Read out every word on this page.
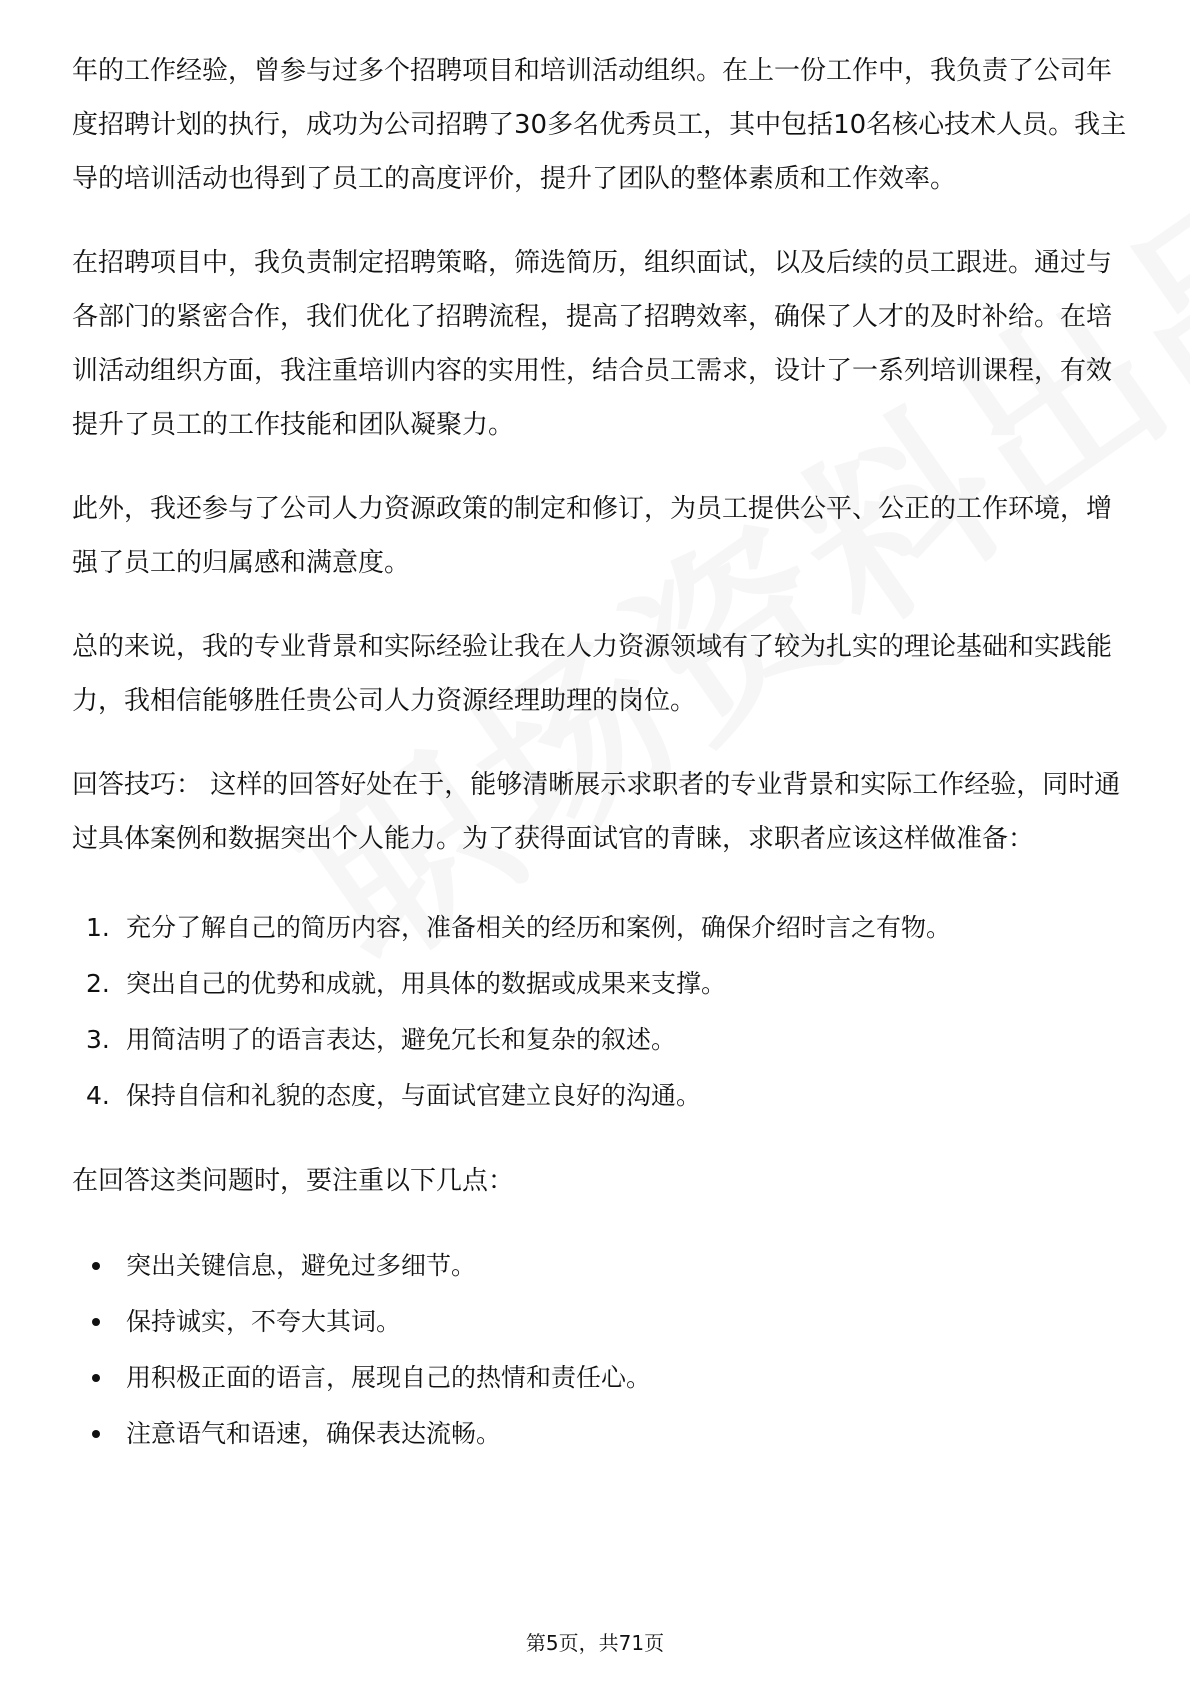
年的工作经验，曾参与过多个招聘项目和培训活动组织。在上一份工作中，我负责了公司年度招聘计划的执行，成功为公司招聘了30多名优秀员工，其中包括10名核心技术人员。我主导的培训活动也得到了员工的高度评价，提升了团队的整体素质和工作效率。

在招聘项目中，我负责制定招聘策略，筛选简历，组织面试，以及后续的员工跟进。通过与各部门的紧密合作，我们优化了招聘流程，提高了招聘效率，确保了人才的及时补给。在培训活动组织方面，我注重培训内容的实用性，结合员工需求，设计了一系列培训课程，有效提升了员工的工作技能和团队凝聚力。

此外，我还参与了公司人力资源政策的制定和修订，为员工提供公平、公正的工作环境，增强了员工的归属感和满意度。

总的来说，我的专业背景和实际经验让我在人力资源领域有了较为扎实的理论基础和实践能力，我相信能够胜任贵公司人力资源经理助理的岗位。

回答技巧： 这样的回答好处在于，能够清晰展示求职者的专业背景和实际工作经验，同时通过具体案例和数据突出个人能力。为了获得面试官的青睐，求职者应该这样做准备：

1. 充分了解自己的简历内容，准备相关的经历和案例，确保介绍时言之有物。
2. 突出自己的优势和成就，用具体的数据或成果来支撑。
3. 用简洁明了的语言表达，避免冗长和复杂的叙述。
4. 保持自信和礼貌的态度，与面试官建立良好的沟通。

在回答这类问题时，要注重以下几点：

突出关键信息，避免过多细节。
保持诚实，不夸大其词。
用积极正面的语言，展现自己的热情和责任心。
注意语气和语速，确保表达流畅。
第5页，共71页
